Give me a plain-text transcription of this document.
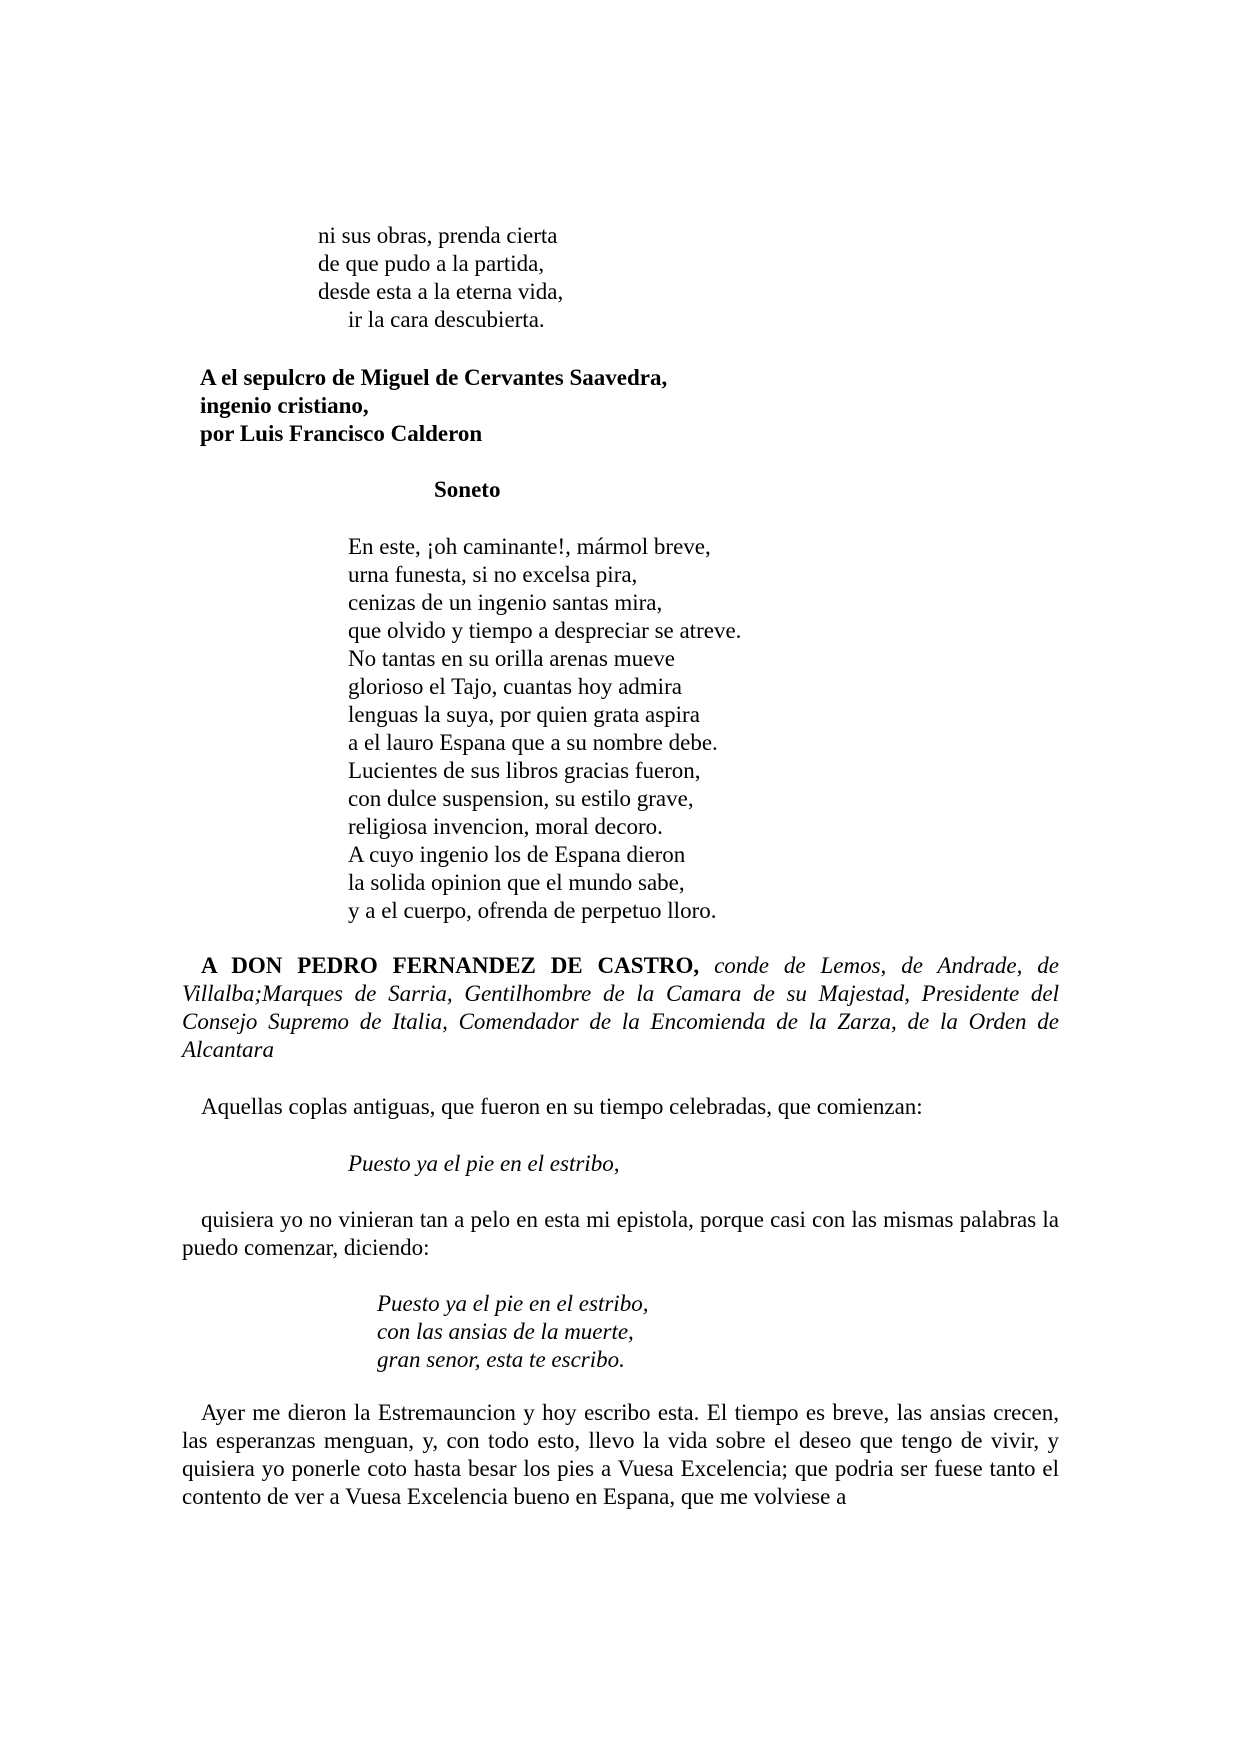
ni sus obras, prenda cierta
de que pudo a la partida,
desde esta a la eterna vida,
ir la cara descubierta.
A el sepulcro de Miguel de Cervantes Saavedra,
ingenio cristiano,
por Luis Francisco Calderon
Soneto
En este, ¡oh caminante!, mármol breve,
urna funesta, si no excelsa pira,
cenizas de un ingenio santas mira,
que olvido y tiempo a despreciar se atreve.
No tantas en su orilla arenas mueve
glorioso el Tajo, cuantas hoy admira
lenguas la suya, por quien grata aspira
a el lauro Espana que a su nombre debe.
Lucientes de sus libros gracias fueron,
con dulce suspension, su estilo grave,
religiosa invencion, moral decoro.
A cuyo ingenio los de Espana dieron
la solida opinion que el mundo sabe,
y a el cuerpo, ofrenda de perpetuo lloro.
A DON PEDRO FERNANDEZ DE CASTRO, conde de Lemos, de Andrade, de Villalba;Marques de Sarria, Gentilhombre de la Camara de su Majestad, Presidente del Consejo Supremo de Italia, Comendador de la Encomienda de la Zarza, de la Orden de Alcantara
Aquellas coplas antiguas, que fueron en su tiempo celebradas, que comienzan:
Puesto ya el pie en el estribo,
quisiera yo no vinieran tan a pelo en esta mi epistola, porque casi con las mismas palabras la puedo comenzar, diciendo:
Puesto ya el pie en el estribo,
con las ansias de la muerte,
gran senor, esta te escribo.
Ayer me dieron la Estremauncion y hoy escribo esta. El tiempo es breve, las ansias crecen, las esperanzas menguan, y, con todo esto, llevo la vida sobre el deseo que tengo de vivir, y quisiera yo ponerle coto hasta besar los pies a Vuesa Excelencia; que podria ser fuese tanto el contento de ver a Vuesa Excelencia bueno en Espana, que me volviese a
